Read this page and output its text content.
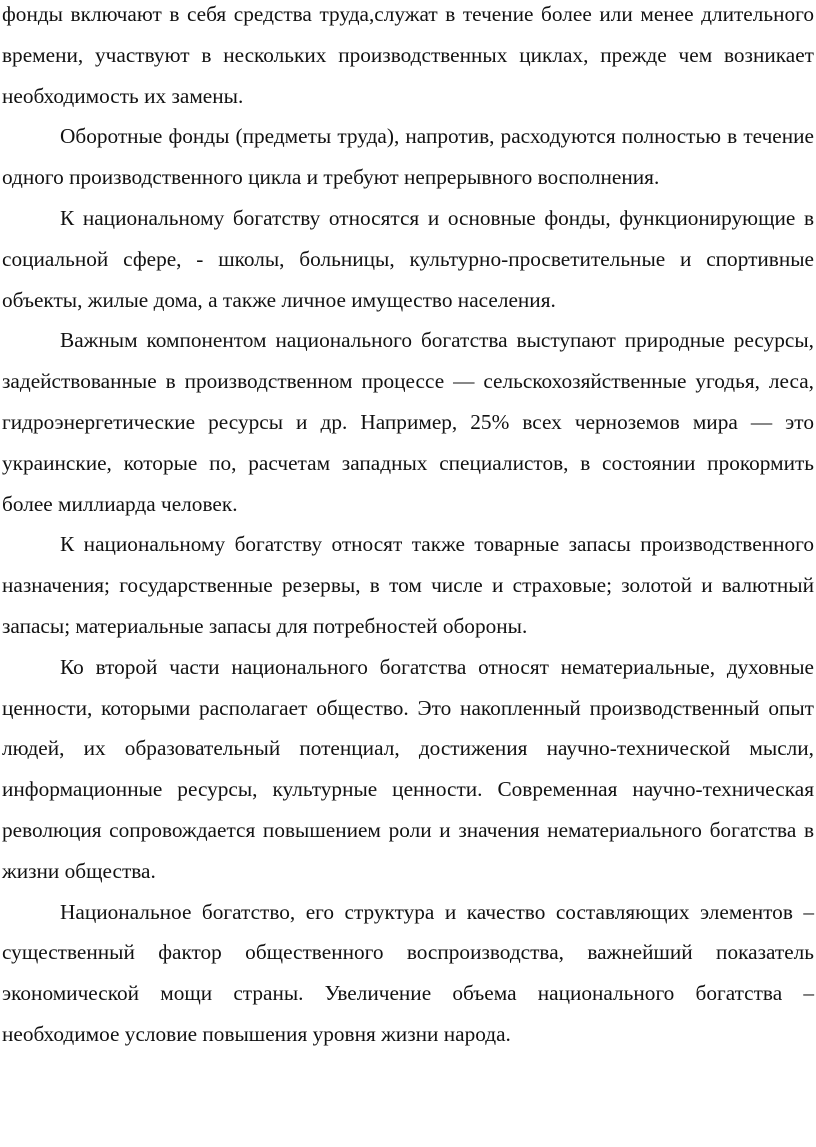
фонды включают в себя средства труда,служат в течение более или менее длительного времени, участвуют в нескольких производственных циклах, прежде чем возникает необходимость их замены.

Оборотные фонды (предметы труда), напротив, расходуются полностью в течение одного производственного цикла и требуют непрерывного восполнения.

К национальному богатству относятся и основные фонды, функционирующие в социальной сфере, - школы, больницы, культурно-просветительные и спортивные объекты, жилые дома, а также личное имущество населения.

Важным компонентом национального богатства выступают природные ресурсы, задействованные в производственном процессе — сельскохозяйственные угодья, леса, гидроэнергетические ресурсы и др. Например, 25% всех черноземов мира — это украинские, которые по, расчетам западных специалистов, в состоянии прокормить более миллиарда человек.

К национальному богатству относят также товарные запасы производственного назначения; государственные резервы, в том числе и страховые; золотой и валютный запасы; материальные запасы для потребностей обороны.

Ко второй части национального богатства относят нематериальные, духовные ценности, которыми располагает общество. Это накопленный производственный опыт людей, их образовательный потенциал, достижения научно-технической мысли, информационные ресурсы, культурные ценности. Современная научно-техническая революция сопровождается повышением роли и значения нематериального богатства в жизни общества.

Национальное богатство, его структура и качество составляющих элементов – существенный фактор общественного воспроизводства, важнейший показатель экономической мощи страны. Увеличение объема национального богатства – необходимое условие повышения уровня жизни народа.
